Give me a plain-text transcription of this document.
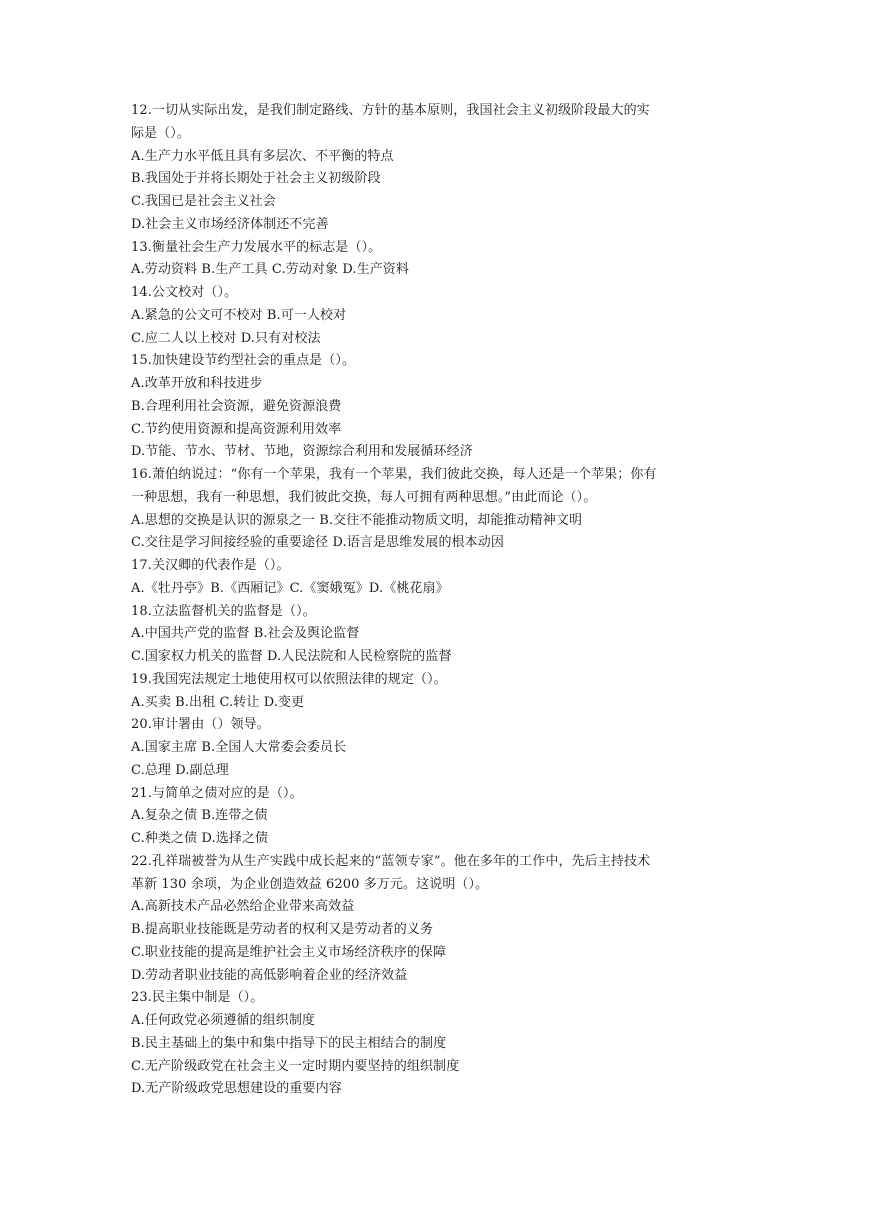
12.一切从实际出发，是我们制定路线、方针的基本原则，我国社会主义初级阶段最大的实
际是（）。
A.生产力水平低且具有多层次、不平衡的特点
B.我国处于并将长期处于社会主义初级阶段
C.我国已是社会主义社会
D.社会主义市场经济体制还不完善
13.衡量社会生产力发展水平的标志是（）。
A.劳动资料 B.生产工具 C.劳动对象 D.生产资料
14.公文校对（）。
A.紧急的公文可不校对 B.可一人校对
C.应二人以上校对 D.只有对校法
15.加快建设节约型社会的重点是（）。
A.改革开放和科技进步
B.合理利用社会资源，避免资源浪费
C.节约使用资源和提高资源利用效率
D.节能、节水、节材、节地，资源综合利用和发展循环经济
16.萧伯纳说过：“你有一个苹果，我有一个苹果，我们彼此交换，每人还是一个苹果；你有
一种思想，我有一种思想，我们彼此交换，每人可拥有两种思想。”由此而论（）。
A.思想的交换是认识的源泉之一 B.交往不能推动物质文明，却能推动精神文明
C.交往是学习间接经验的重要途径 D.语言是思维发展的根本动因
17.关汉卿的代表作是（）。
A.《牡丹亭》B.《西厢记》C.《窦娥冤》D.《桃花扇》
18.立法监督机关的监督是（）。
A.中国共产党的监督 B.社会及舆论监督
C.国家权力机关的监督 D.人民法院和人民检察院的监督
19.我国宪法规定土地使用权可以依照法律的规定（）。
A.买卖 B.出租 C.转让 D.变更
20.审计署由（）领导。
A.国家主席 B.全国人大常委会委员长
C.总理 D.副总理
21.与简单之债对应的是（）。
A.复杂之债 B.连带之债
C.种类之债 D.选择之债
22.孔祥瑞被誉为从生产实践中成长起来的“蓝领专家”。他在多年的工作中，先后主持技术
革新 130 余项，为企业创造效益 6200 多万元。这说明（）。
A.高新技术产品必然给企业带来高效益
B.提高职业技能既是劳动者的权利又是劳动者的义务
C.职业技能的提高是维护社会主义市场经济秩序的保障
D.劳动者职业技能的高低影响着企业的经济效益
23.民主集中制是（）。
A.任何政党必须遵循的组织制度
B.民主基础上的集中和集中指导下的民主相结合的制度
C.无产阶级政党在社会主义一定时期内要坚持的组织制度
D.无产阶级政党思想建设的重要内容
